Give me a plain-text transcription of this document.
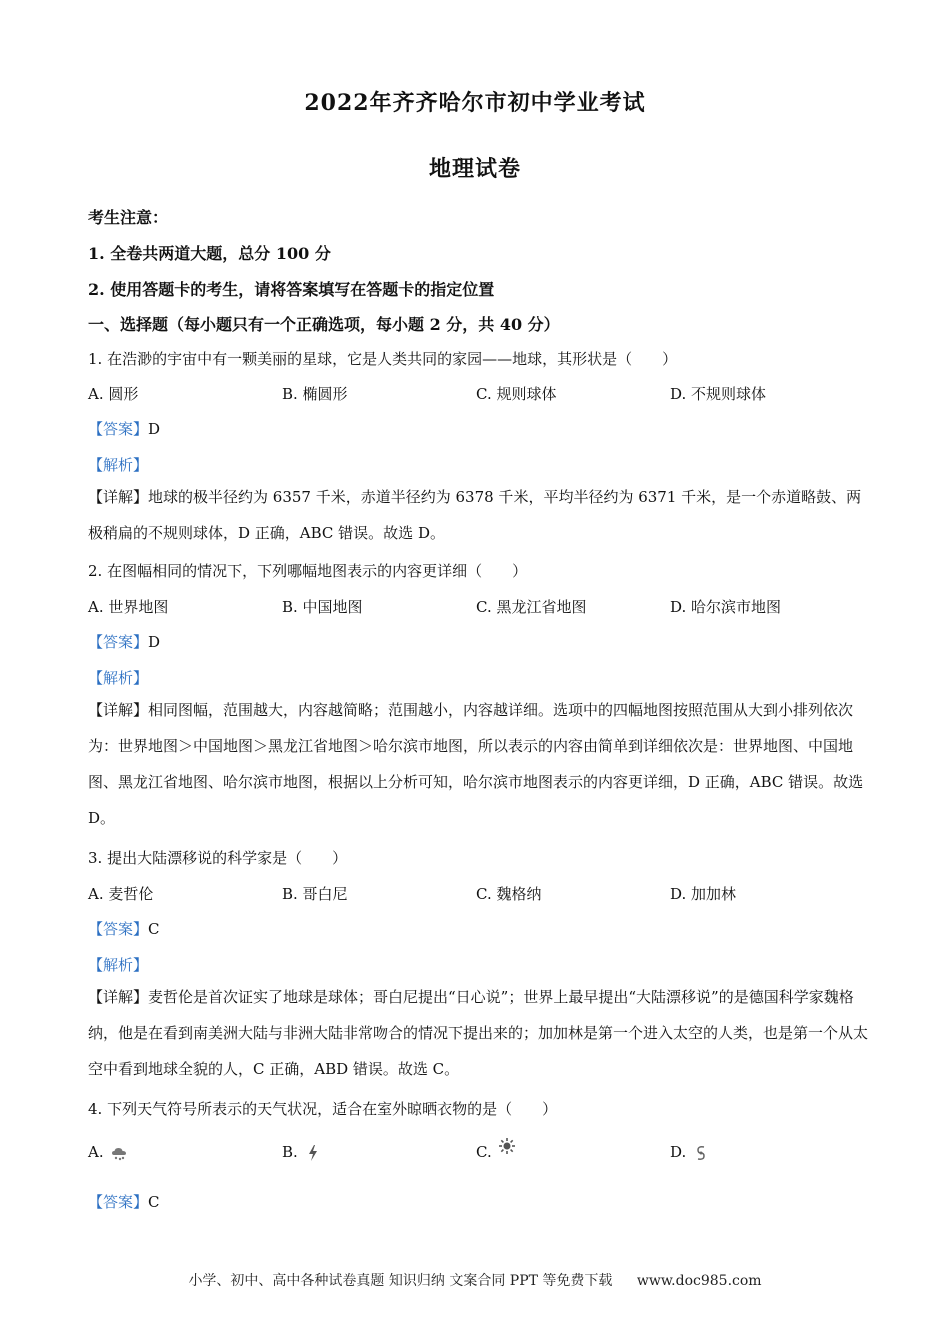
2022年齐齐哈尔市初中学业考试
地理试卷
考生注意：
1. 全卷共两道大题，总分 100 分
2. 使用答题卡的考生，请将答案填写在答题卡的指定位置
一、选择题（每小题只有一个正确选项，每小题 2 分，共 40 分）
1. 在浩渺的宇宙中有一颗美丽的星球，它是人类共同的家园——地球，其形状是（　　）
A. 圆形	B. 椭圆形	C. 规则球体	D. 不规则球体
【答案】D
【解析】
【详解】地球的极半径约为 6357 千米，赤道半径约为 6378 千米，平均半径约为 6371 千米，是一个赤道略鼓、两极稍扁的不规则球体，D 正确，ABC 错误。故选 D。
2. 在图幅相同的情况下，下列哪幅地图表示的内容更详细（　　）
A. 世界地图	B. 中国地图	C. 黑龙江省地图	D. 哈尔滨市地图
【答案】D
【解析】
【详解】相同图幅，范围越大，内容越简略；范围越小，内容越详细。选项中的四幅地图按照范围从大到小排列依次为：世界地图＞中国地图＞黑龙江省地图＞哈尔滨市地图，所以表示的内容由简单到详细依次是：世界地图、中国地图、黑龙江省地图、哈尔滨市地图，根据以上分析可知，哈尔滨市地图表示的内容更详细，D 正确，ABC 错误。故选 D。
3. 提出大陆漂移说的科学家是（　　）
A. 麦哲伦	B. 哥白尼	C. 魏格纳	D. 加加林
【答案】C
【解析】
【详解】麦哲伦是首次证实了地球是球体；哥白尼提出“日心说”；世界上最早提出“大陆漂移说”的是德国科学家魏格纳，他是在看到南美洲大陆与非洲大陆非常吻合的情况下提出来的；加加林是第一个进入太空的人类，也是第一个从太空中看到地球全貌的人，C 正确，ABD 错误。故选 C。
4. 下列天气符号所表示的天气状况，适合在室外晾晒衣物的是（　　）
A.	B.	C.	D.
【答案】C
小学、初中、高中各种试卷真题 知识归纳 文案合同 PPT 等免费下载 www.doc985.com
